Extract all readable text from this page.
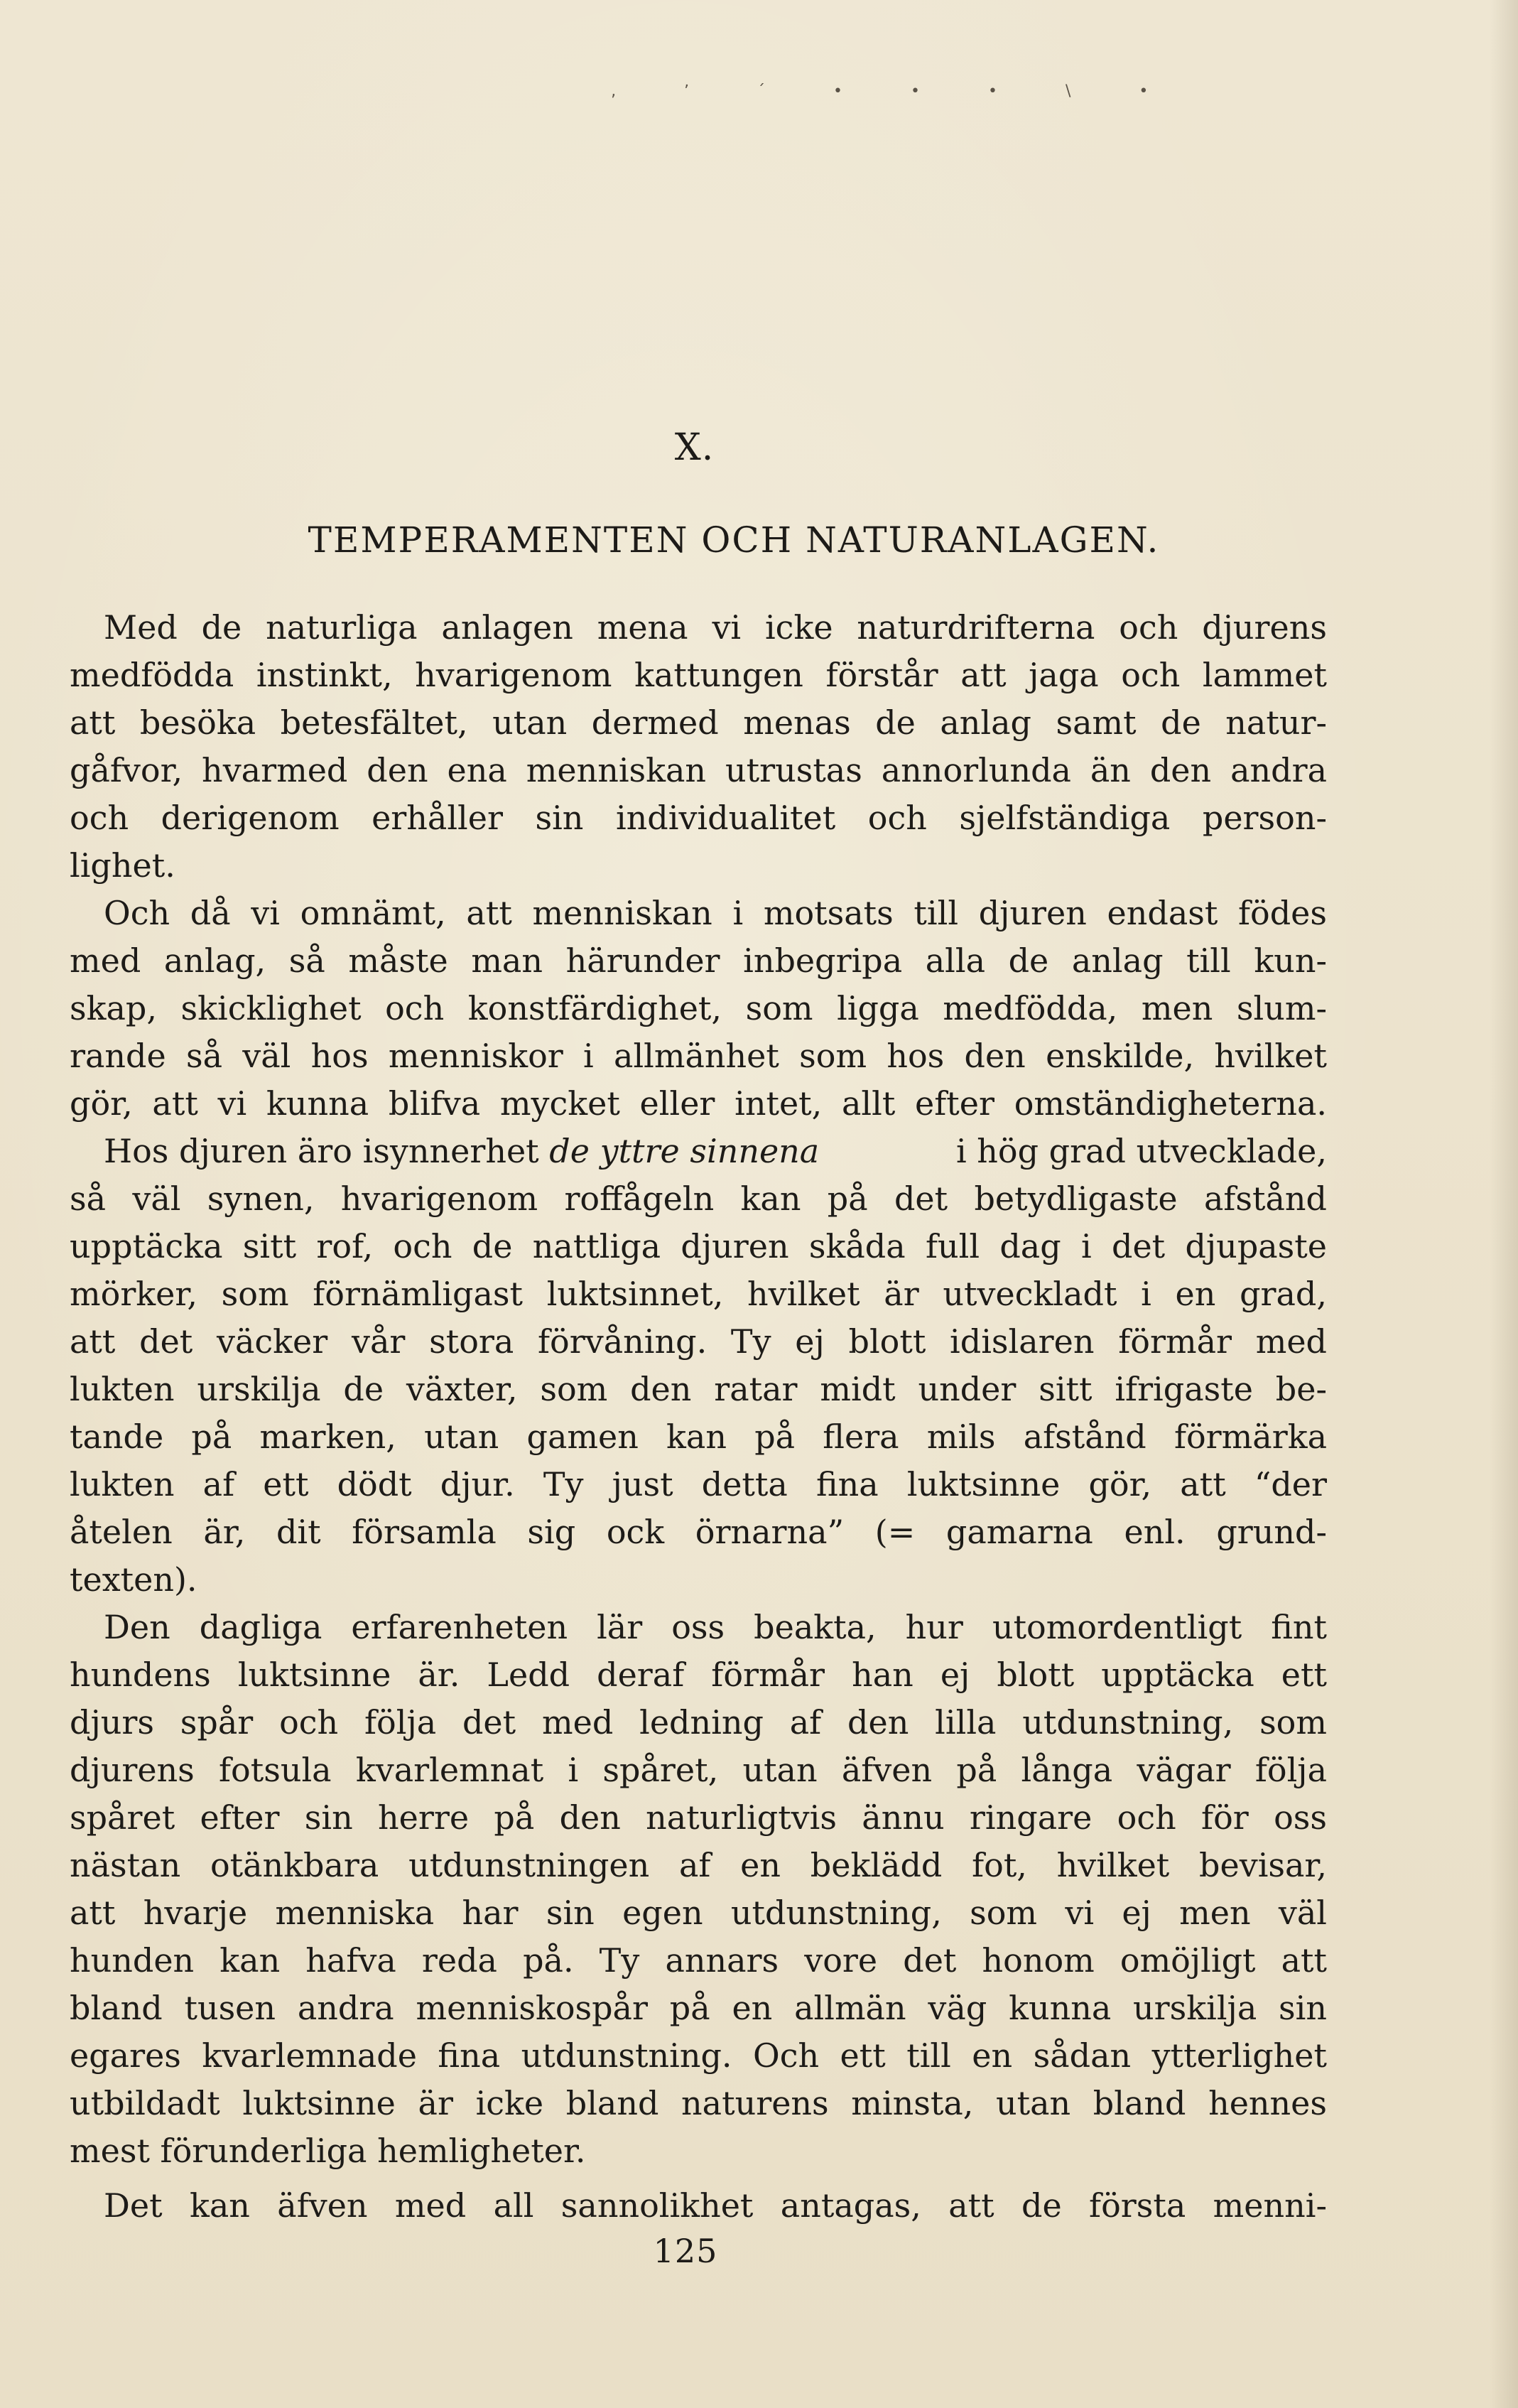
‚	ʼ	´	•	•	•	\	•
X.
TEMPERAMENTEN OCH NATURANLAGEN.
Med de naturliga anlagen mena vi icke naturdrifterna och djurens
medfödda instinkt, hvarigenom kattungen förstår att jaga och lammet
att besöka betesfältet, utan dermed menas de anlag samt de natur-
gåfvor, hvarmed den ena menniskan utrustas annorlunda än den andra
och derigenom erhåller sin individualitet och sjelfständiga person-
lighet.
Och då vi omnämt, att menniskan i motsats till djuren endast födes
med anlag, så måste man härunder inbegripa alla de anlag till kun-
skap, skicklighet och konstfärdighet, som ligga medfödda, men slum-
rande så väl hos menniskor i allmänhet som hos den enskilde, hvilket
gör, att vi kunna blifva mycket eller intet, allt efter omständigheterna.
Hos djuren äro isynnerhet de yttre sinnena	i hög grad utvecklade,
så väl synen, hvarigenom roffågeln kan på det betydligaste afstånd
upptäcka sitt rof, och de nattliga djuren skåda full dag i det djupaste
mörker, som förnämligast luktsinnet, hvilket är utveckladt i en grad,
att det väcker vår stora förvåning. Ty ej blott idislaren förmår med
lukten urskilja de växter, som den ratar midt under sitt ifrigaste be-
tande på marken, utan gamen kan på flera mils afstånd förmärka
lukten af ett dödt djur. Ty just detta fina luktsinne gör, att “der
åtelen är, dit församla sig ock örnarna” (= gamarna enl. grund-
texten).
Den dagliga erfarenheten lär oss beakta, hur utomordentligt fint
hundens luktsinne är. Ledd deraf förmår han ej blott upptäcka ett
djurs spår och följa det med ledning af den lilla utdunstning, som
djurens fotsula kvarlemnat i spåret, utan äfven på långa vägar följa
spåret efter sin herre på den naturligtvis ännu ringare och för oss
nästan otänkbara utdunstningen af en beklädd fot, hvilket bevisar,
att hvarje menniska har sin egen utdunstning, som vi ej men väl
hunden kan hafva reda på. Ty annars vore det honom omöjligt att
bland tusen andra menniskospår på en allmän väg kunna urskilja sin
egares kvarlemnade fina utdunstning. Och ett till en sådan ytterlighet
utbildadt luktsinne är icke bland naturens minsta, utan bland hennes
mest förunderliga hemligheter.
Det kan äfven med all sannolikhet antagas, att de första menni-
125
